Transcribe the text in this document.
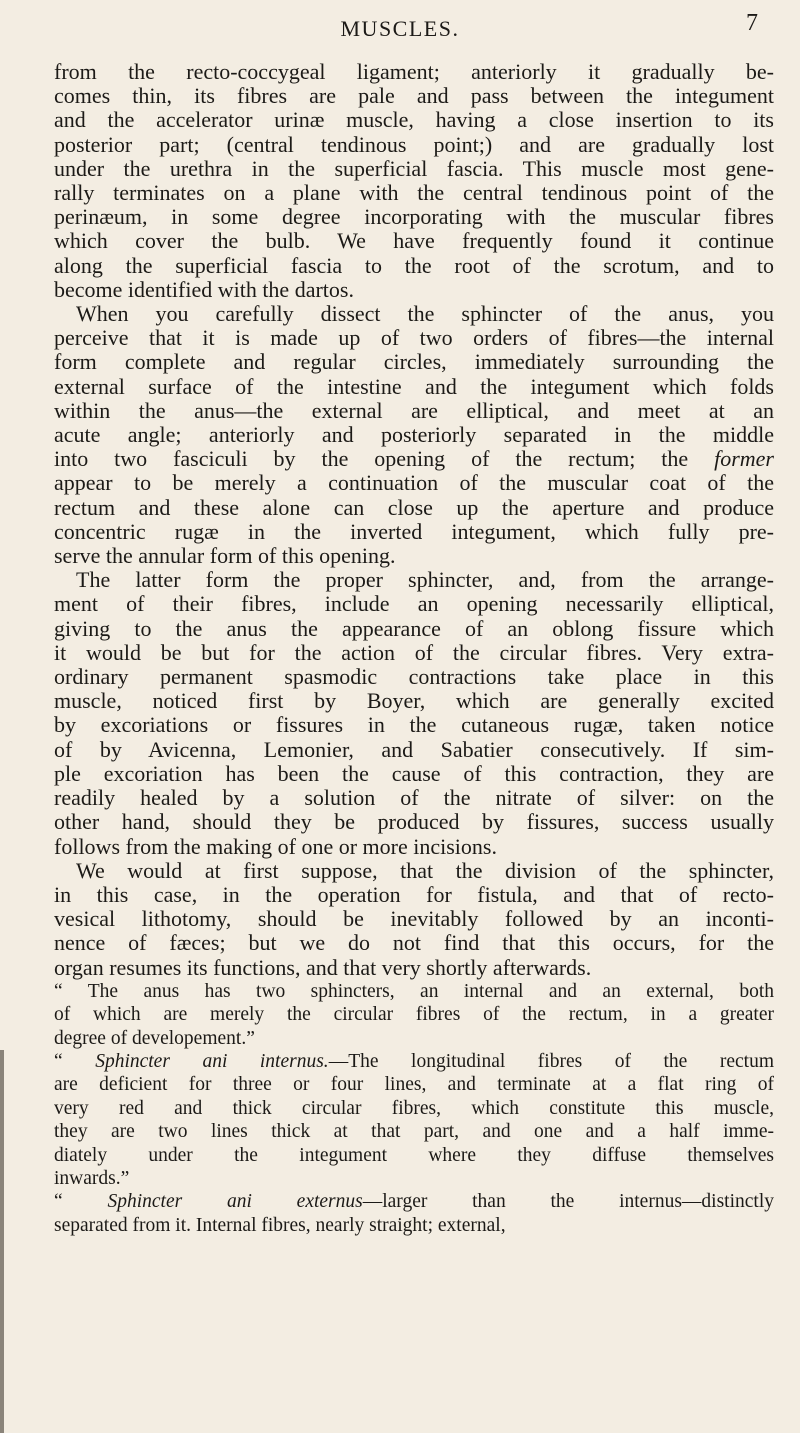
MUSCLES.	7

from the recto-coccygeal ligament; anteriorly it gradually be-

comes thin, its fibres are pale and pass between the integument

and the accelerator urinæ muscle, having a close insertion to its

posterior part; (central tendinous point;) and are gradually lost

under the urethra in the superficial fascia. This muscle most gene-

rally terminates on a plane with the central tendinous point of the

perinæum, in some degree incorporating with the muscular fibres

which cover the bulb. We have frequently found it continue

along the superficial fascia to the root of the scrotum, and to

become identified with the dartos.

When you carefully dissect the sphincter of the anus, you

perceive that it is made up of two orders of fibres—the internal

form complete and regular circles, immediately surrounding the

external surface of the intestine and the integument which folds

within the anus—the external are elliptical, and meet at an

acute angle; anteriorly and posteriorly separated in the middle

into two fasciculi by the opening of the rectum; the former

appear to be merely a continuation of the muscular coat of the

rectum and these alone can close up the aperture and produce

concentric rugæ in the inverted integument, which fully pre-

serve the annular form of this opening.

The latter form the proper sphincter, and, from the arrange-

ment of their fibres, include an opening necessarily elliptical,

giving to the anus the appearance of an oblong fissure which

it would be but for the action of the circular fibres. Very extra-

ordinary permanent spasmodic contractions take place in this

muscle, noticed first by Boyer, which are generally excited

by excoriations or fissures in the cutaneous rugæ, taken notice

of by Avicenna, Lemonier, and Sabatier consecutively. If sim-

ple excoriation has been the cause of this contraction, they are

readily healed by a solution of the nitrate of silver: on the

other hand, should they be produced by fissures, success usually

follows from the making of one or more incisions.

We would at first suppose, that the division of the sphincter,

in this case, in the operation for fistula, and that of recto-

vesical lithotomy, should be inevitably followed by an inconti-

nence of fæces; but we do not find that this occurs, for the

organ resumes its functions, and that very shortly afterwards.

“ The anus has two sphincters, an internal and an external, both

of which are merely the circular fibres of the rectum, in a greater

degree of developement.”

“ Sphincter ani internus.—The longitudinal fibres of the rectum

are deficient for three or four lines, and terminate at a flat ring of

very red and thick circular fibres, which constitute this muscle,

they are two lines thick at that part, and one and a half imme-

diately under the integument where they diffuse themselves

inwards.”

“ Sphincter ani externus—larger than the internus—distinctly

separated from it. Internal fibres, nearly straight; external,
